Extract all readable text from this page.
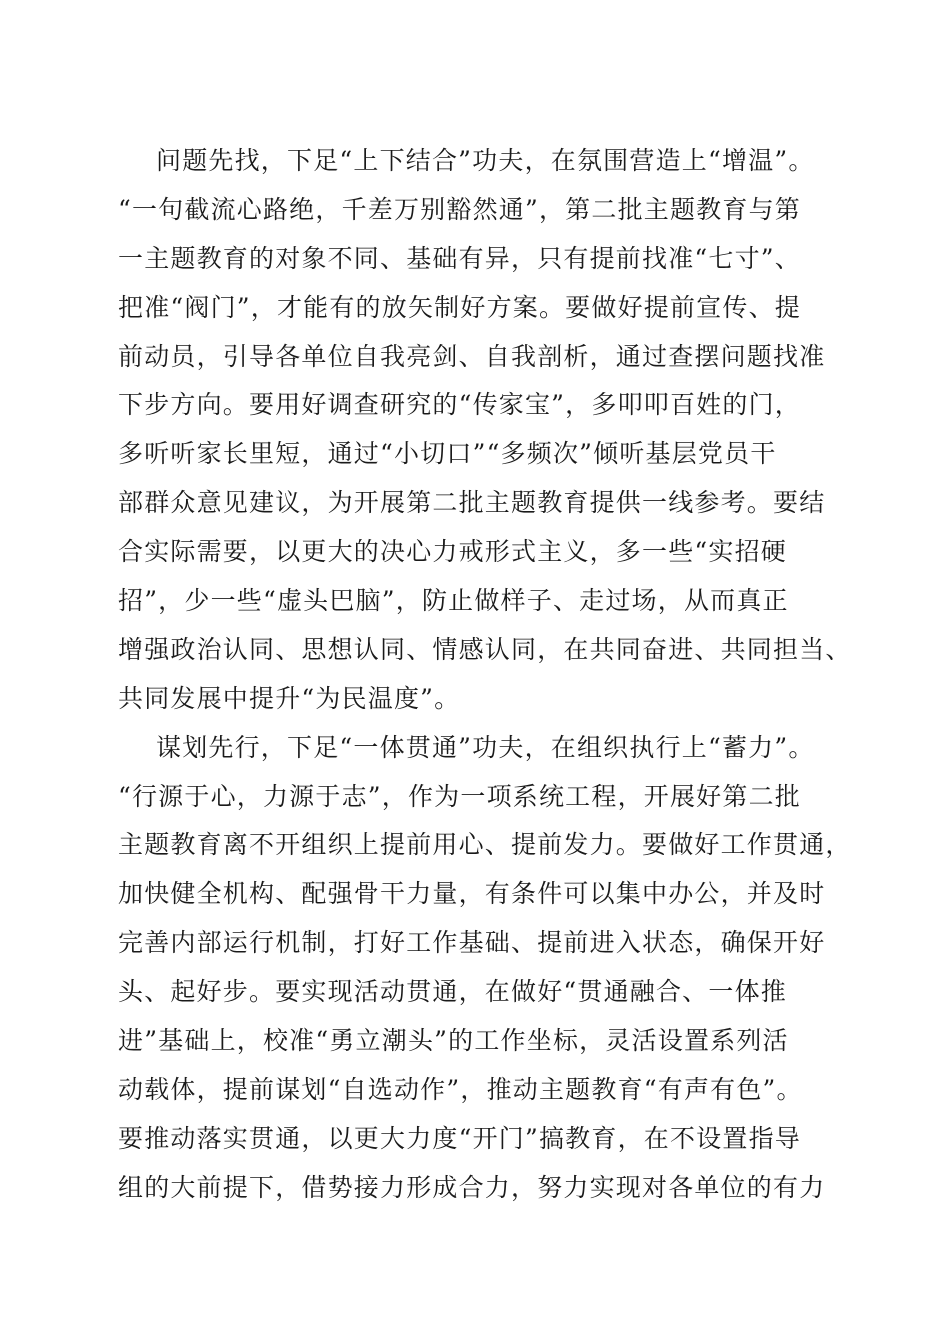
问题先找，下足“上下结合”功夫，在氛围营造上“增温”。
“一句截流心路绝，千差万别豁然通”，第二批主题教育与第
一主题教育的对象不同、基础有异，只有提前找准“七寸”、
把准“阀门”，才能有的放矢制好方案。要做好提前宣传、提
前动员，引导各单位自我亮剑、自我剖析，通过查摆问题找准
下步方向。要用好调查研究的“传家宝”，多叩叩百姓的门，
多听听家长里短，通过“小切口”“多频次”倾听基层党员干
部群众意见建议，为开展第二批主题教育提供一线参考。要结
合实际需要，以更大的决心力戒形式主义，多一些“实招硬
招”，少一些“虚头巴脑”，防止做样子、走过场，从而真正
增强政治认同、思想认同、情感认同，在共同奋进、共同担当、
共同发展中提升“为民温度”。
谋划先行，下足“一体贯通”功夫，在组织执行上“蓄力”。
“行源于心，力源于志”，作为一项系统工程，开展好第二批
主题教育离不开组织上提前用心、提前发力。要做好工作贯通，
加快健全机构、配强骨干力量，有条件可以集中办公，并及时
完善内部运行机制，打好工作基础、提前进入状态，确保开好
头、起好步。要实现活动贯通，在做好“贯通融合、一体推
进”基础上，校准“勇立潮头”的工作坐标，灵活设置系列活
动载体，提前谋划“自选动作”，推动主题教育“有声有色”。
要推动落实贯通，以更大力度“开门”搞教育，在不设置指导
组的大前提下，借势接力形成合力，努力实现对各单位的有力
